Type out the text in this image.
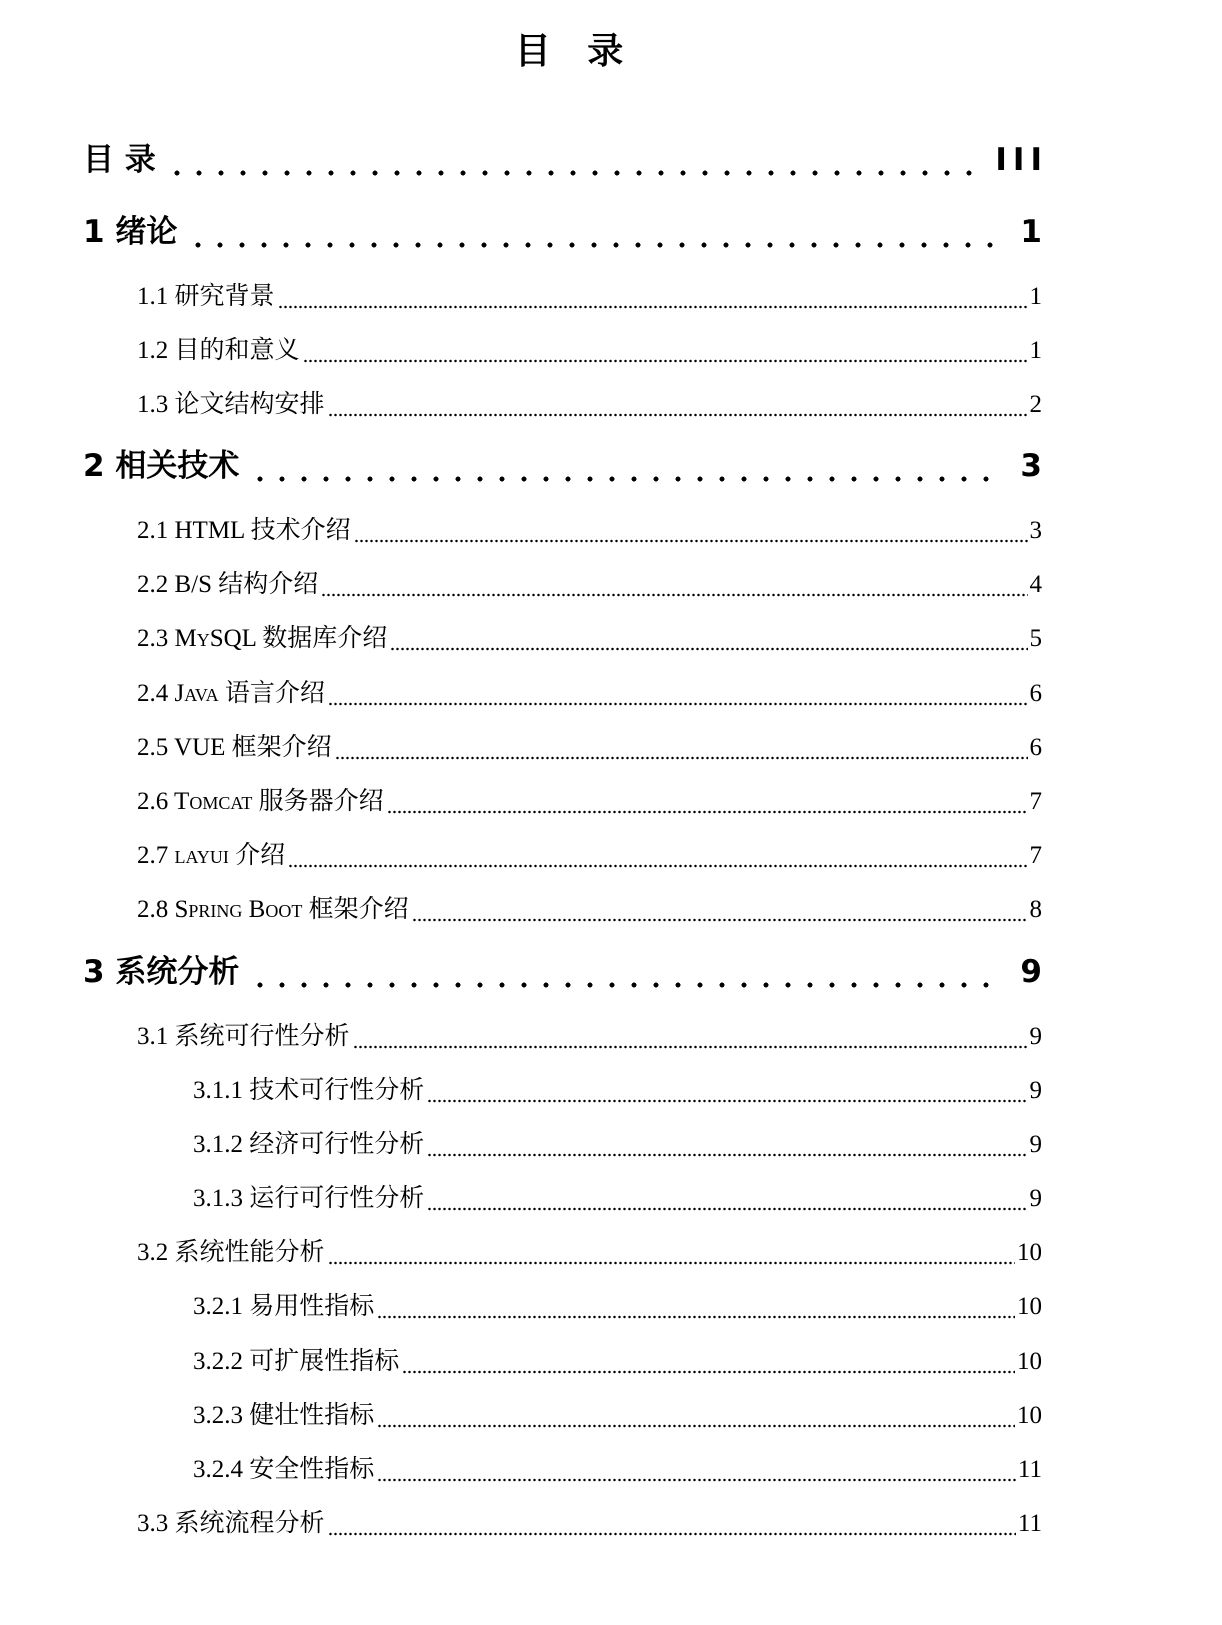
目 录
目 录	III
1 绪论	1
1.1 研究背景	1
1.2 目的和意义	1
1.3 论文结构安排	2
2 相关技术	3
2.1 HTML 技术介绍	3
2.2 B/S 结构介绍	4
2.3 MySQL 数据库介绍	5
2.4 Java 语言介绍	6
2.5 VUE 框架介绍	6
2.6 Tomcat 服务器介绍	7
2.7 layui 介绍	7
2.8 Spring Boot 框架介绍	8
3 系统分析	9
3.1 系统可行性分析	9
3.1.1 技术可行性分析	9
3.1.2 经济可行性分析	9
3.1.3 运行可行性分析	9
3.2 系统性能分析	10
3.2.1 易用性指标	10
3.2.2 可扩展性指标	10
3.2.3 健壮性指标	10
3.2.4 安全性指标	11
3.3 系统流程分析	11
